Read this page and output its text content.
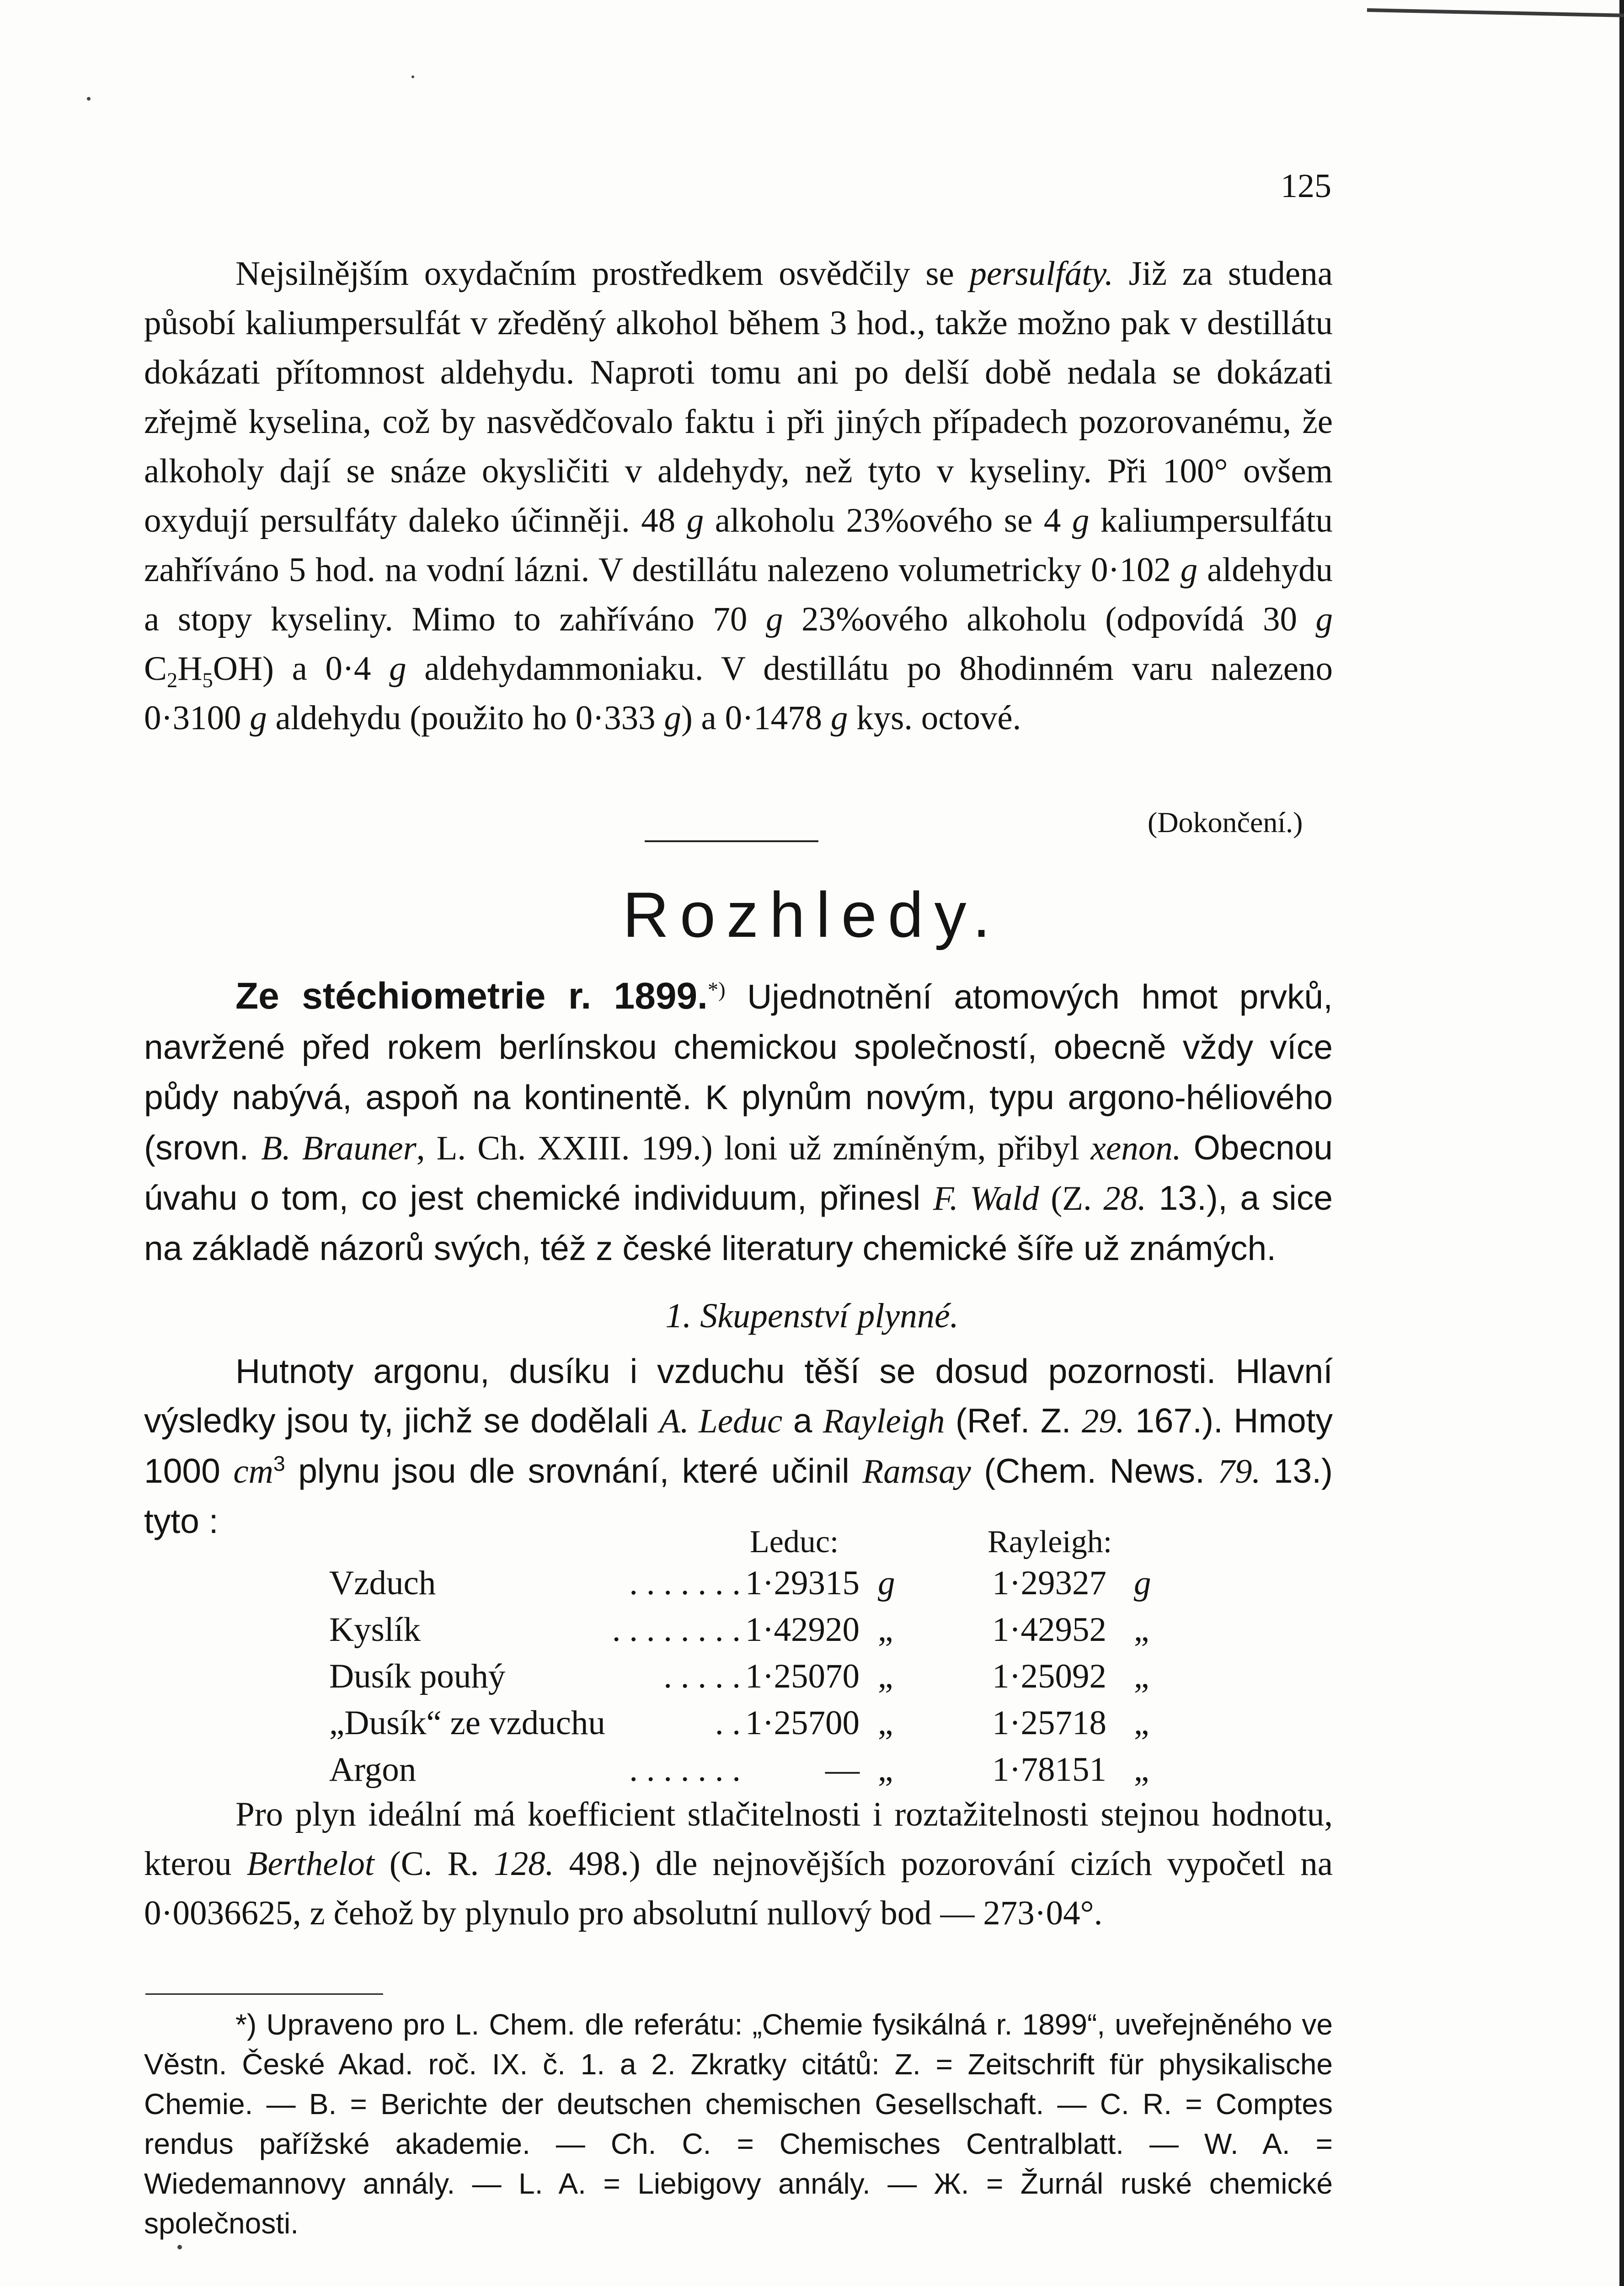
125

Nejsilnějším oxydačním prostředkem osvědčily se persulfáty. Již za studena působí kaliumpersulfát v zředěný alkohol během 3 hod., takže možno pak v destillátu dokázati přítomnost aldehydu. Naproti tomu ani po delší době nedala se dokázati zřejmě kyselina, což by nasvědčovalo faktu i při jiných případech pozorovanému, že alkoholy dají se snáze okysličiti v aldehydy, než tyto v kyseliny. Při 100° ovšem oxydují persulfáty daleko účinněji. 48 g alkoholu 23%ového se 4 g kaliumpersulfátu zahříváno 5 hod. na vodní lázni. V destillátu nalezeno volumetricky 0·102 g aldehydu a stopy kyseliny. Mimo to zahříváno 70 g 23%ového alkoholu (odpovídá 30 g $C_2H_5OH$) a 0·4 g aldehydammoniaku. V destillátu po 8hodinném varu nalezeno 0·3100 g aldehydu (použito ho 0·333 g) a 0·1478 g kys. octové.

(Dokončení.)
Rozhledy.

Ze stéchiometrie r. 1899.*) Ujednotnění atomových hmot prvků, navržené před rokem berlínskou chemickou společností, obecně vždy více půdy nabývá, aspoň na kontinentě. K plynům novým, typu argono-héliového (srovn. B. Brauner, L. Ch. XXIII. 199.) loni už zmíněným, přibyl xenon. Obecnou úvahu o tom, co jest chemické individuum, přinesl F. Wald (Z. 28. 13.), a sice na základě názorů svých, též z české literatury chemické šíře už známých.

1. Skupenství plynné.

Hutnoty argonu, dusíku i vzduchu těší se dosud pozornosti. Hlavní výsledky jsou ty, jichž se dodělali A. Leduc a Rayleigh (Ref. Z. 29. 167.). Hmoty 1000 $cm^3$ plynu jsou dle srovnání, které učinil Ramsay (Chem. News. 79. 13.) tyto :

Leduc:	Rayleigh:
Vzduch	. . . . . . . 1·29315 g	1·29327 g
Kyslík	. . . . . . . . 1·42920 „	1·42952 „
Dusík pouhý	. . . . . 1·25070 „	1·25092 „
„Dusík“ ze vzduchu	. . 1·25700 „	1·25718 „
Argon	. . . . . . .	— „	1·78151 „

Pro plyn ideální má koefficient stlačitelnosti i roztažitelnosti stejnou hodnotu, kterou Berthelot (C. R. 128. 498.) dle nejnovějších pozorování cizích vypočetl na 0·0036625, z čehož by plynulo pro absolutní nullový bod — 273·04°.

*) Upraveno pro L. Chem. dle referátu: „Chemie fysikálná r. 1899“, uveřejněného ve Věstn. České Akad. roč. IX. č. 1. a 2. Zkratky citátů: Z. = Zeitschrift für physikalische Chemie. — B. = Berichte der deutschen chemischen Gesellschaft. — C. R. = Comptes rendus pařížské akademie. — Ch. C. = Chemisches Centralblatt. — W. A. = Wiedemannovy annály. — L. A. = Liebigovy annály. — Ж. = Žurnál ruské chemické společnosti.
